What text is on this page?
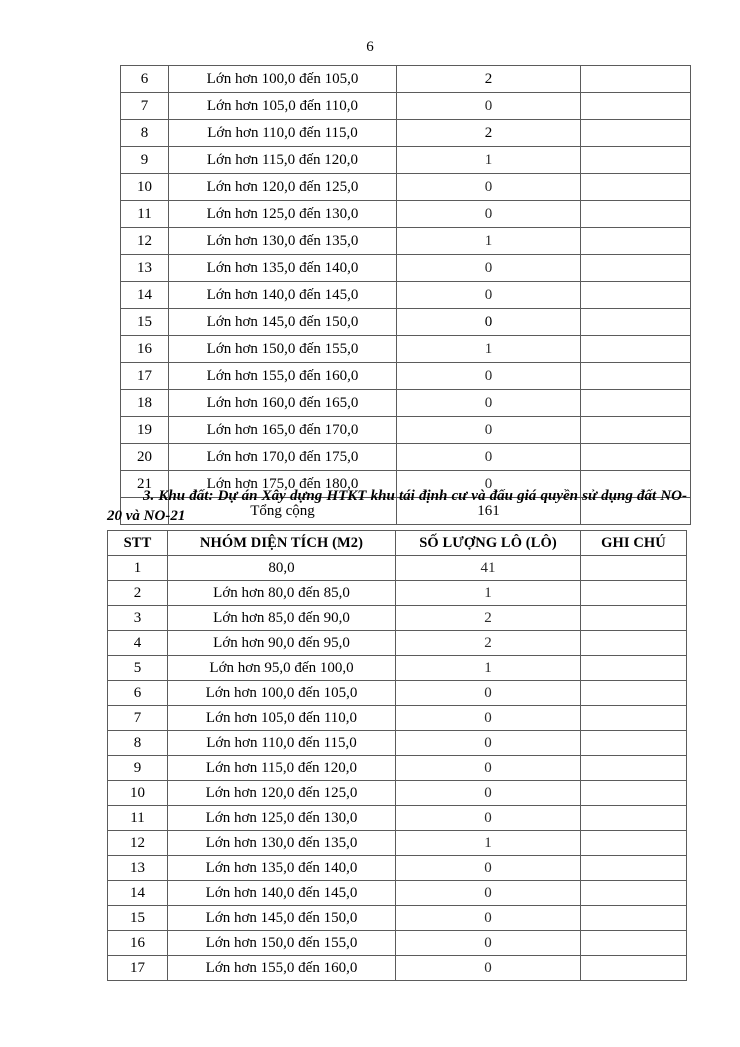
6
6	Lớn hơn 100,0 đến 105,0	2	
7	Lớn hơn 105,0 đến 110,0	0	
8	Lớn hơn 110,0 đến 115,0	2	
9	Lớn hơn 115,0 đến 120,0	1	
10	Lớn hơn 120,0 đến 125,0	0	
11	Lớn hơn 125,0 đến 130,0	0	
12	Lớn hơn 130,0 đến 135,0	1	
13	Lớn hơn 135,0 đến 140,0	0	
14	Lớn hơn 140,0 đến 145,0	0	
15	Lớn hơn 145,0 đến 150,0	0	
16	Lớn hơn 150,0 đến 155,0	1	
17	Lớn hơn 155,0 đến 160,0	0	
18	Lớn hơn 160,0 đến 165,0	0	
19	Lớn hơn 165,0 đến 170,0	0	
20	Lớn hơn 170,0 đến 175,0	0	
21	Lớn hơn 175,0 đến 180,0	0	
	Tổng cộng	161	
3. Khu đất: Dự án Xây dựng HTKT khu tái định cư và đấu giá quyền sử dụng đất NO-20 và NO-21
STT	NHÓM DIỆN TÍCH (M2)	SỐ LƯỢNG LÔ (LÔ)	GHI CHÚ
1	80,0	41	
2	Lớn hơn 80,0 đến 85,0	1	
3	Lớn hơn 85,0 đến 90,0	2	
4	Lớn hơn 90,0 đến 95,0	2	
5	Lớn hơn 95,0 đến 100,0	1	
6	Lớn hơn 100,0 đến 105,0	0	
7	Lớn hơn 105,0 đến 110,0	0	
8	Lớn hơn 110,0 đến 115,0	0	
9	Lớn hơn 115,0 đến 120,0	0	
10	Lớn hơn 120,0 đến 125,0	0	
11	Lớn hơn 125,0 đến 130,0	0	
12	Lớn hơn 130,0 đến 135,0	1	
13	Lớn hơn 135,0 đến 140,0	0	
14	Lớn hơn 140,0 đến 145,0	0	
15	Lớn hơn 145,0 đến 150,0	0	
16	Lớn hơn 150,0 đến 155,0	0	
17	Lớn hơn 155,0 đến 160,0	0	
